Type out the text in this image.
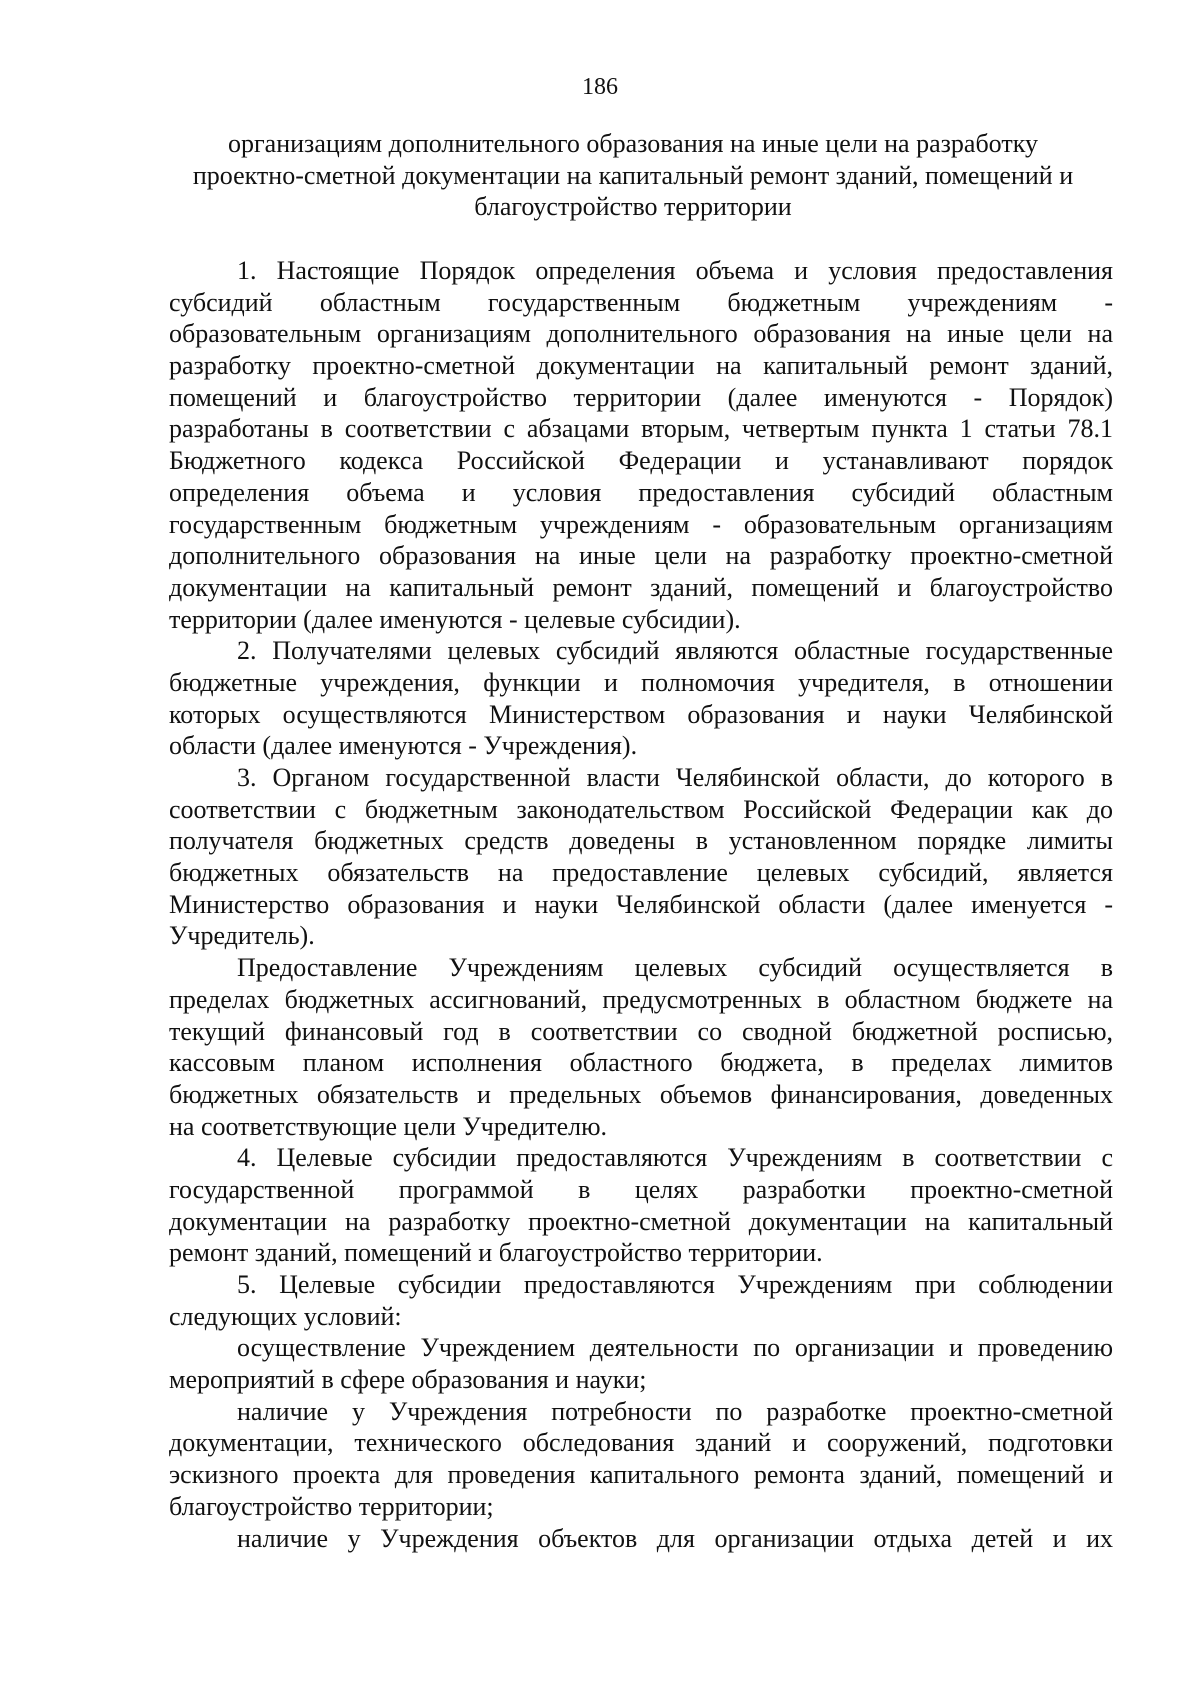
186
организациям дополнительного образования на иные цели на разработку
проектно-сметной документации на капитальный ремонт зданий, помещений и
благоустройство территории
1. Настоящие Порядок определения объема и условия предоставления
субсидий областным государственным бюджетным учреждениям -
образовательным организациям дополнительного образования на иные цели на
разработку проектно-сметной документации на капитальный ремонт зданий,
помещений и благоустройство территории (далее именуются - Порядок)
разработаны в соответствии с абзацами вторым, четвертым пункта 1 статьи 78.1
Бюджетного кодекса Российской Федерации и устанавливают порядок
определения объема и условия предоставления субсидий областным
государственным бюджетным учреждениям - образовательным организациям
дополнительного образования на иные цели на разработку проектно-сметной
документации на капитальный ремонт зданий, помещений и благоустройство
территории (далее именуются - целевые субсидии).
2. Получателями целевых субсидий являются областные государственные
бюджетные учреждения, функции и полномочия учредителя, в отношении
которых осуществляются Министерством образования и науки Челябинской
области (далее именуются - Учреждения).
3. Органом государственной власти Челябинской области, до которого в
соответствии с бюджетным законодательством Российской Федерации как до
получателя бюджетных средств доведены в установленном порядке лимиты
бюджетных обязательств на предоставление целевых субсидий, является
Министерство образования и науки Челябинской области (далее именуется -
Учредитель).
Предоставление Учреждениям целевых субсидий осуществляется в
пределах бюджетных ассигнований, предусмотренных в областном бюджете на
текущий финансовый год в соответствии со сводной бюджетной росписью,
кассовым планом исполнения областного бюджета, в пределах лимитов
бюджетных обязательств и предельных объемов финансирования, доведенных
на соответствующие цели Учредителю.
4. Целевые субсидии предоставляются Учреждениям в соответствии с
государственной программой в целях разработки проектно-сметной
документации на разработку проектно-сметной документации на капитальный
ремонт зданий, помещений и благоустройство территории.
5. Целевые субсидии предоставляются Учреждениям при соблюдении
следующих условий:
осуществление Учреждением деятельности по организации и проведению
мероприятий в сфере образования и науки;
наличие у Учреждения потребности по разработке проектно-сметной
документации, технического обследования зданий и сооружений, подготовки
эскизного проекта для проведения капитального ремонта зданий, помещений и
благоустройство территории;
наличие у Учреждения объектов для организации отдыха детей и их
